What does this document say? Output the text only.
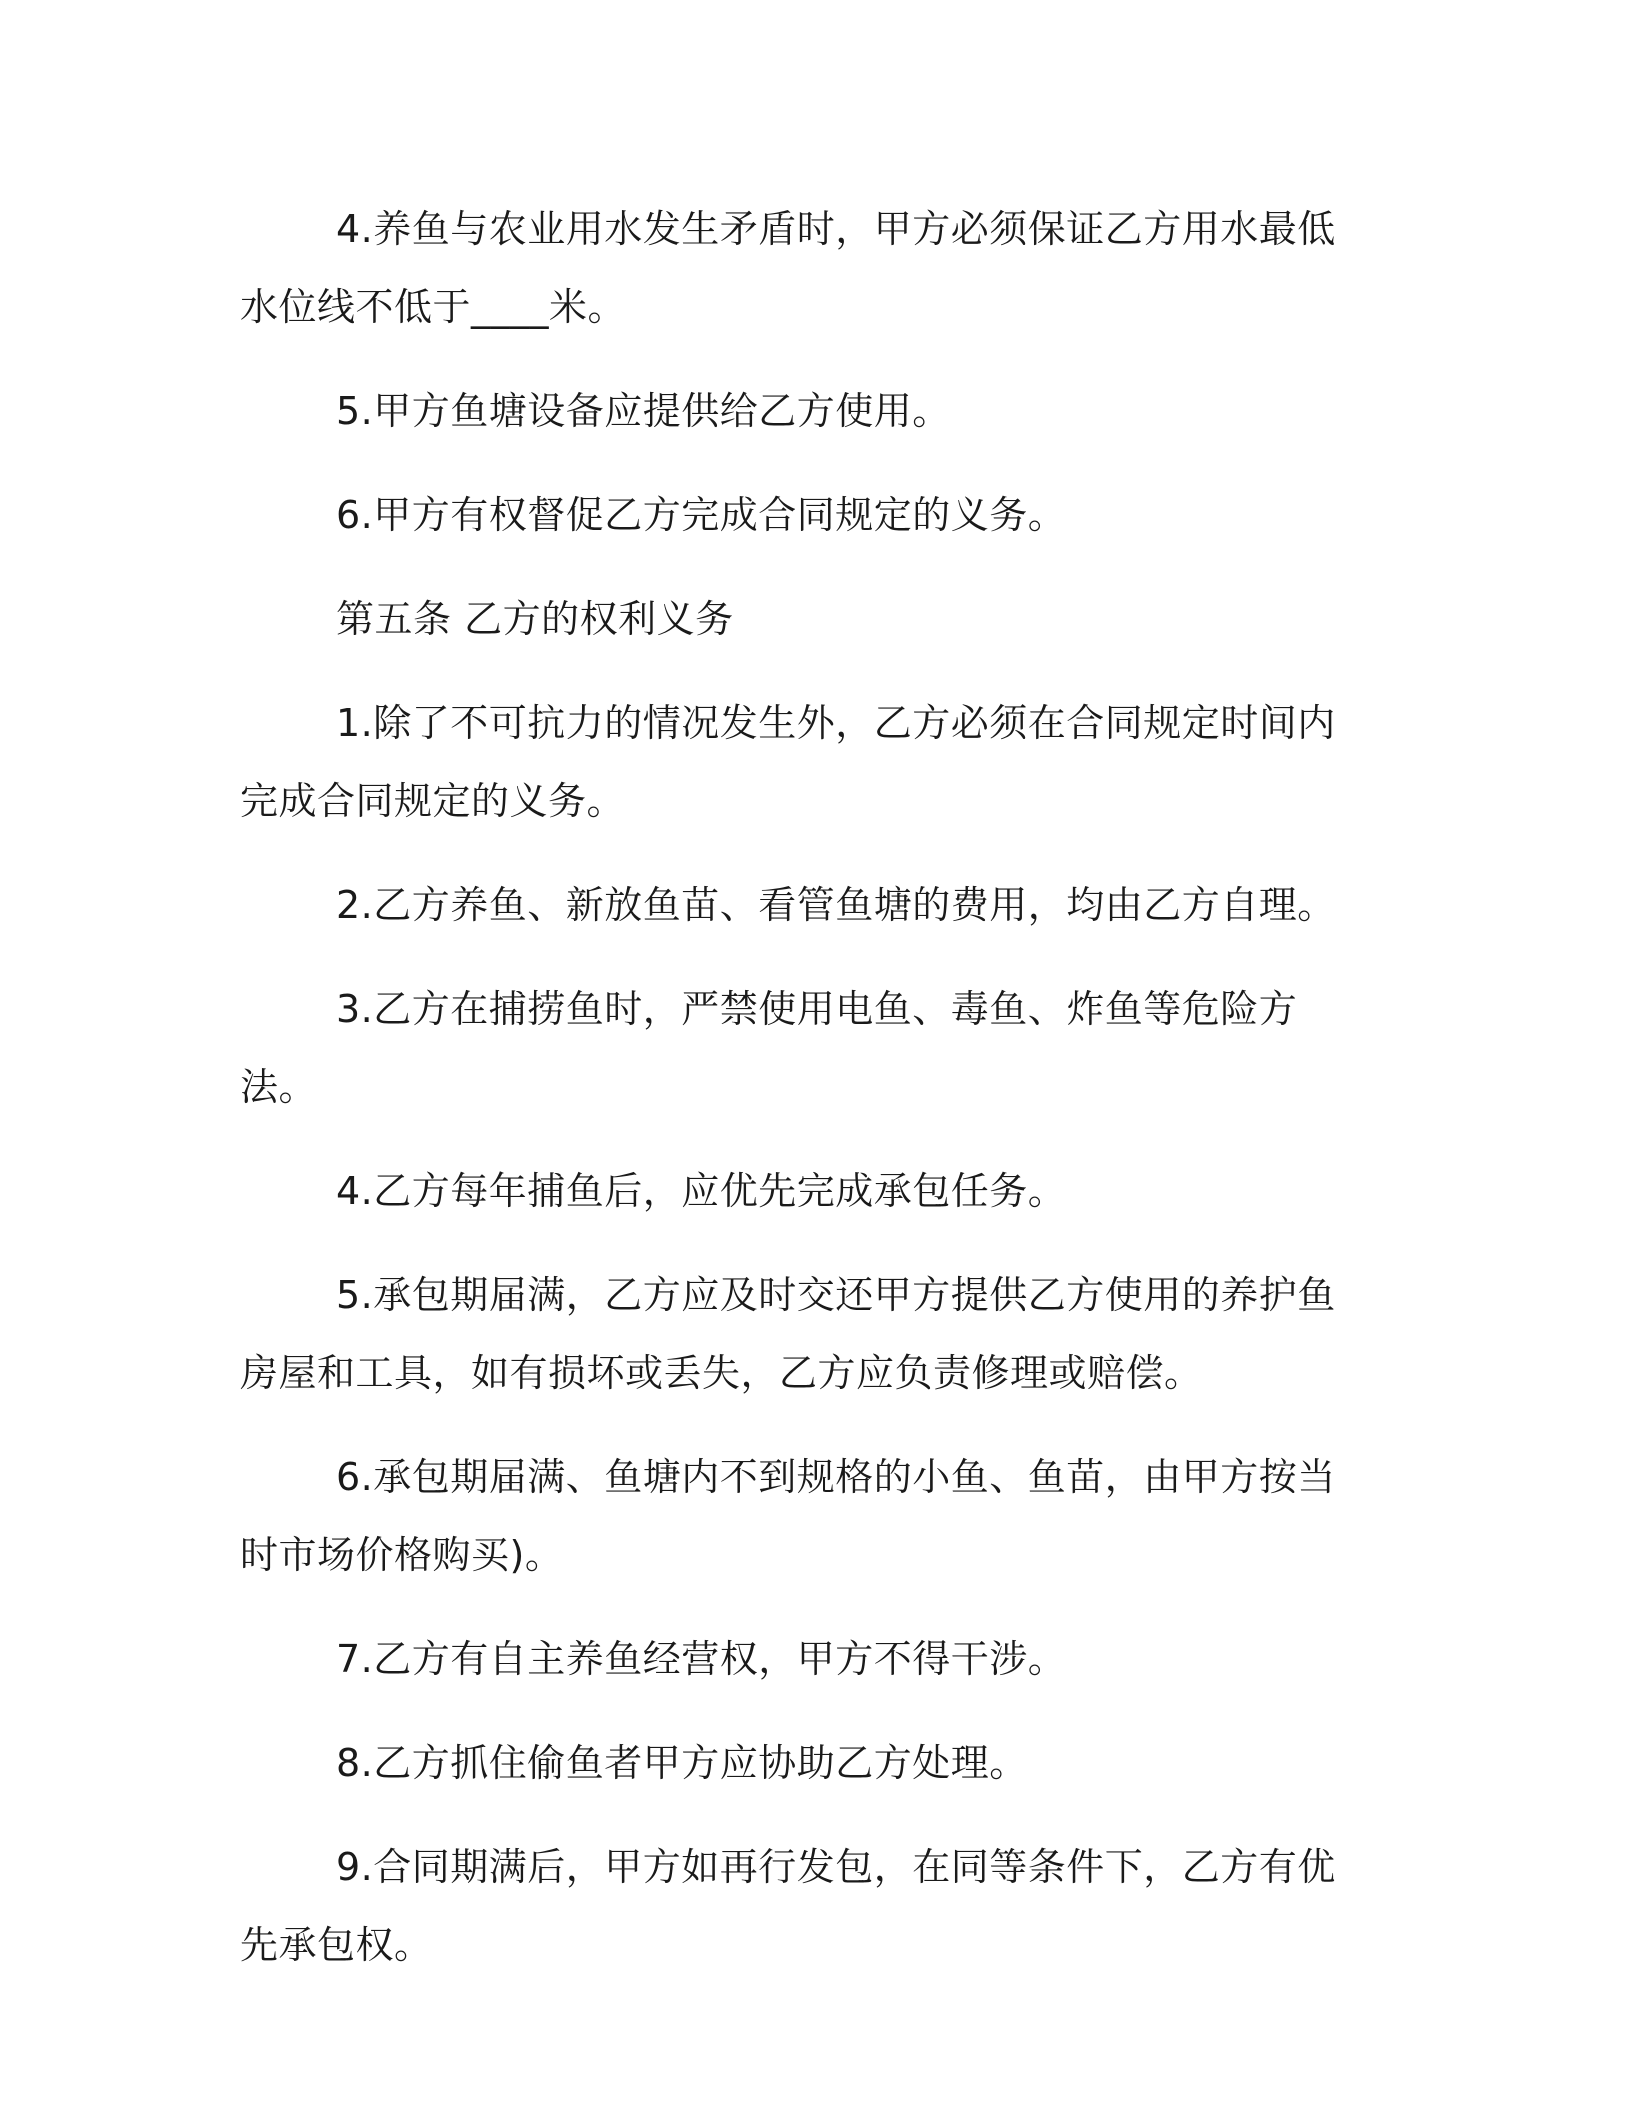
4.养鱼与农业用水发生矛盾时，甲方必须保证乙方用水最低水位线不低于____米。

5.甲方鱼塘设备应提供给乙方使用。

6.甲方有权督促乙方完成合同规定的义务。

第五条 乙方的权利义务

1.除了不可抗力的情况发生外，乙方必须在合同规定时间内完成合同规定的义务。

2.乙方养鱼、新放鱼苗、看管鱼塘的费用，均由乙方自理。

3.乙方在捕捞鱼时，严禁使用电鱼、毒鱼、炸鱼等危险方法。

4.乙方每年捕鱼后，应优先完成承包任务。

5.承包期届满，乙方应及时交还甲方提供乙方使用的养护鱼房屋和工具，如有损坏或丢失，乙方应负责修理或赔偿。

6.承包期届满、鱼塘内不到规格的小鱼、鱼苗，由甲方按当时市场价格购买)。

7.乙方有自主养鱼经营权，甲方不得干涉。

8.乙方抓住偷鱼者甲方应协助乙方处理。

9.合同期满后，甲方如再行发包，在同等条件下，乙方有优先承包权。
